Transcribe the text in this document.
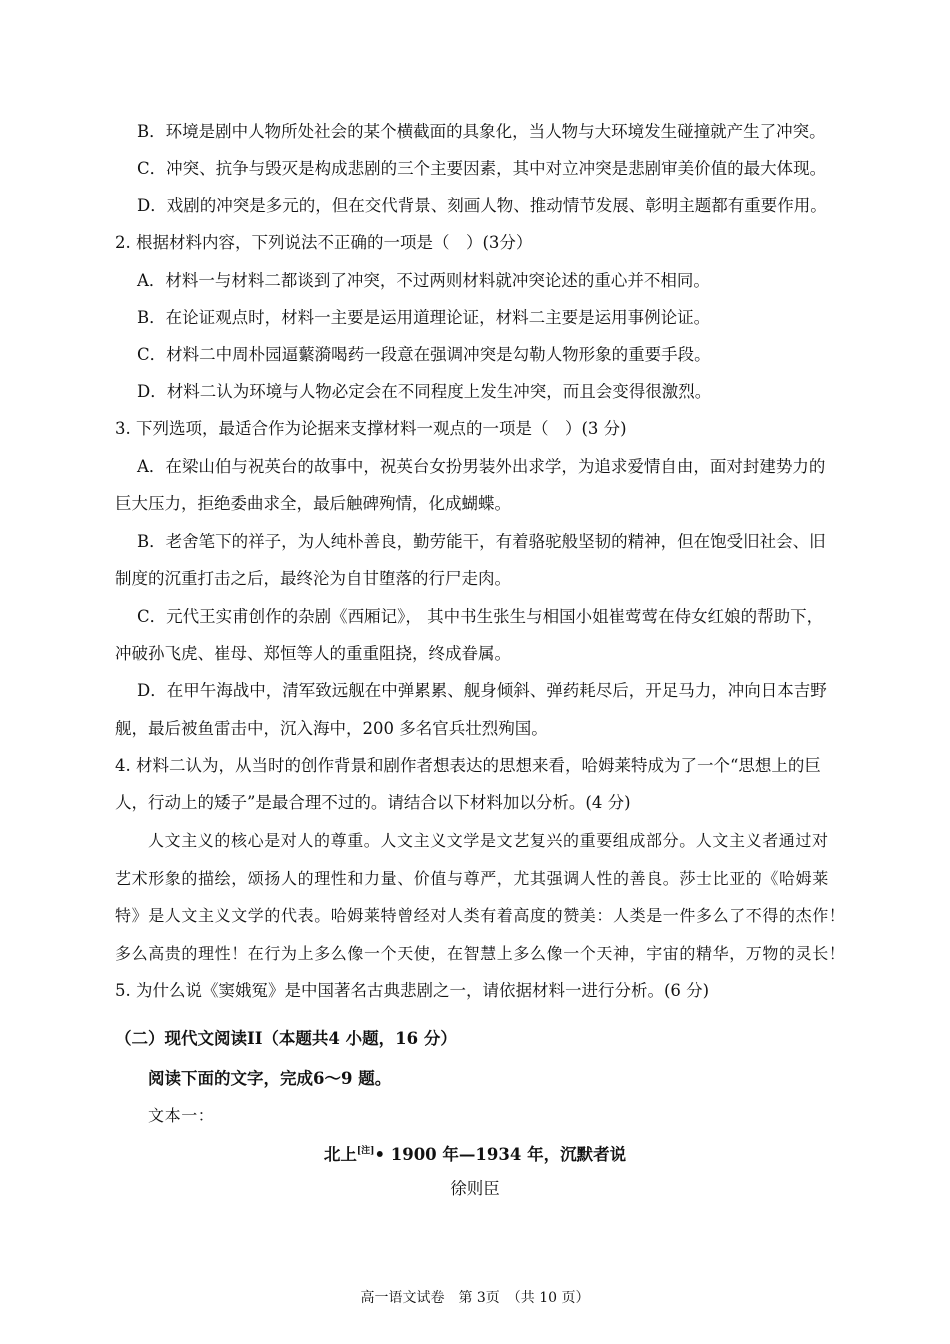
B．环境是剧中人物所处社会的某个横截面的具象化，当人物与大环境发生碰撞就产生了冲突。
C．冲突、抗争与毁灭是构成悲剧的三个主要因素，其中对立冲突是悲剧审美价值的最大体现。
D．戏剧的冲突是多元的，但在交代背景、刻画人物、推动情节发展、彰明主题都有重要作用。
2. 根据材料内容，下列说法不正确的一项是（　）(3分）
A．材料一与材料二都谈到了冲突，不过两则材料就冲突论述的重心并不相同。
B．在论证观点时，材料一主要是运用道理论证，材料二主要是运用事例论证。
C．材料二中周朴园逼蘩漪喝药一段意在强调冲突是勾勒人物形象的重要手段。
D．材料二认为环境与人物必定会在不同程度上发生冲突，而且会变得很激烈。
3. 下列选项，最适合作为论据来支撑材料一观点的一项是（　）(3 分)
A．在梁山伯与祝英台的故事中，祝英台女扮男装外出求学，为追求爱情自由，面对封建势力的
巨大压力，拒绝委曲求全，最后触碑殉情，化成蝴蝶。
B．老舍笔下的祥子，为人纯朴善良，勤劳能干，有着骆驼般坚韧的精神，但在饱受旧社会、旧
制度的沉重打击之后，最终沦为自甘堕落的行尸走肉。
C．元代王实甫创作的杂剧《西厢记》， 其中书生张生与相国小姐崔莺莺在侍女红娘的帮助下，
冲破孙飞虎、崔母、郑恒等人的重重阻挠，终成眷属。
D．在甲午海战中，清军致远舰在中弹累累、舰身倾斜、弹药耗尽后，开足马力，冲向日本吉野
舰，最后被鱼雷击中，沉入海中，200 多名官兵壮烈殉国。
4. 材料二认为，从当时的创作背景和剧作者想表达的思想来看，哈姆莱特成为了一个“思想上的巨
人，行动上的矮子”是最合理不过的。请结合以下材料加以分析。(4 分)
人文主义的核心是对人的尊重。人文主义文学是文艺复兴的重要组成部分。人文主义者通过对
艺术形象的描绘，颂扬人的理性和力量、价值与尊严，尤其强调人性的善良。莎士比亚的《哈姆莱
特》是人文主义文学的代表。哈姆莱特曾经对人类有着高度的赞美：人类是一件多么了不得的杰作！
多么高贵的理性！在行为上多么像一个天使，在智慧上多么像一个天神，宇宙的精华，万物的灵长！
5. 为什么说《窦娥冤》是中国著名古典悲剧之一，请依据材料一进行分析。(6 分)
（二）现代文阅读II（本题共4 小题，16 分）
阅读下面的文字，完成6～9 题。
文本一：
北上[注]• 1900 年—1934 年，沉默者说
徐则臣
高一语文试卷　第 3页　（共 10 页）
